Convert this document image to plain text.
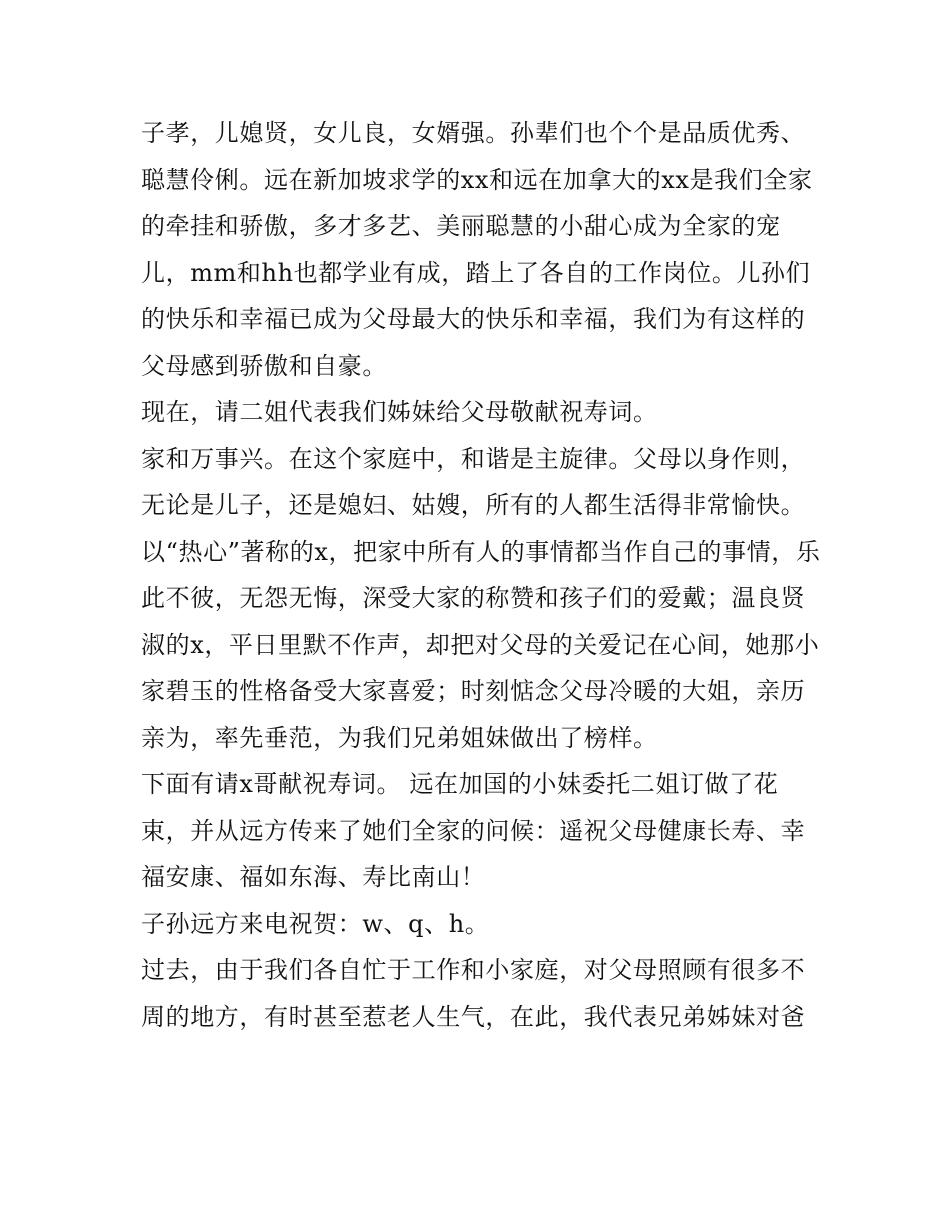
子孝，儿媳贤，女儿良，女婿强。孙辈们也个个是品质优秀、聪慧伶俐。远在新加坡求学的xx和远在加拿大的xx是我们全家的牵挂和骄傲，多才多艺、美丽聪慧的小甜心成为全家的宠儿，mm和hh也都学业有成，踏上了各自的工作岗位。儿孙们的快乐和幸福已成为父母最大的快乐和幸福，我们为有这样的父母感到骄傲和自豪。

现在，请二姐代表我们姊妹给父母敬献祝寿词。

家和万事兴。在这个家庭中，和谐是主旋律。父母以身作则，无论是儿子，还是媳妇、姑嫂，所有的人都生活得非常愉快。以“热心”著称的x，把家中所有人的事情都当作自己的事情，乐此不彼，无怨无悔，深受大家的称赞和孩子们的爱戴；温良贤淑的x，平日里默不作声，却把对父母的关爱记在心间，她那小家碧玉的性格备受大家喜爱；时刻惦念父母冷暖的大姐，亲历亲为，率先垂范，为我们兄弟姐妹做出了榜样。

下面有请x哥献祝寿词。 远在加国的小妹委托二姐订做了花束，并从远方传来了她们全家的问候：遥祝父母健康长寿、幸福安康、福如东海、寿比南山！

子孙远方来电祝贺：w、q、h。

过去，由于我们各自忙于工作和小家庭，对父母照顾有很多不周的地方，有时甚至惹老人生气，在此，我代表兄弟姊妹对爸
